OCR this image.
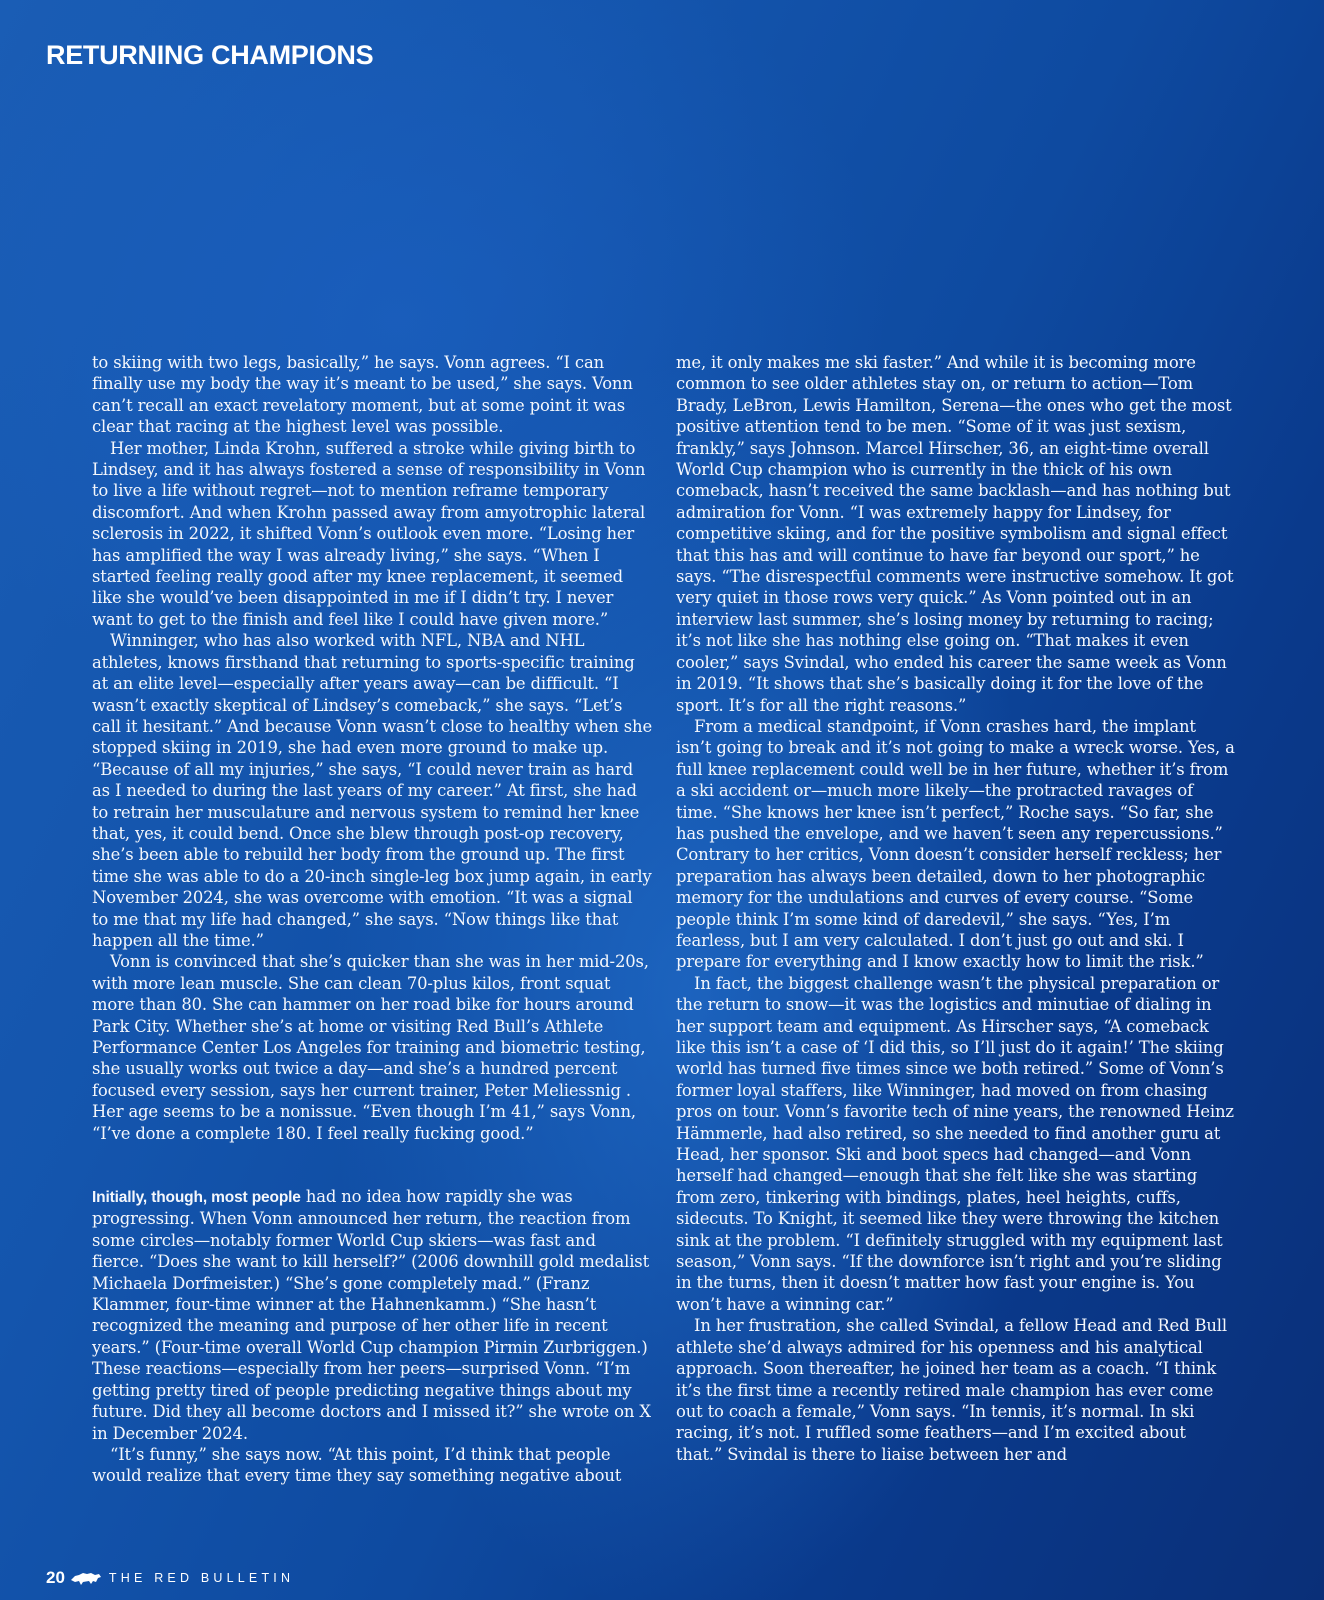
RETURNING CHAMPIONS

to skiing with two legs, basically,” he says. Vonn agrees. “I can finally use my body the way it’s meant to be used,” she says. Vonn can’t recall an exact revelatory moment, but at some point it was clear that racing at the highest level was possible.

Her mother, Linda Krohn, suffered a stroke while giving birth to Lindsey, and it has always fostered a sense of responsibility in Vonn to live a life without regret—not to mention reframe temporary discomfort. And when Krohn passed away from amyotrophic lateral sclerosis in 2022, it shifted Vonn’s outlook even more. “Losing her has amplified the way I was already living,” she says. “When I started feeling really good after my knee replacement, it seemed like she would’ve been disappointed in me if I didn’t try. I never want to get to the finish and feel like I could have given more.”

Winninger, who has also worked with NFL, NBA and NHL athletes, knows firsthand that returning to sports-specific training at an elite level—especially after years away—can be difficult. “I wasn’t exactly skeptical of Lindsey’s comeback,” she says. “Let’s call it hesitant.” And because Vonn wasn’t close to healthy when she stopped skiing in 2019, she had even more ground to make up. “Because of all my injuries,” she says, “I could never train as hard as I needed to during the last years of my career.” At first, she had to retrain her musculature and nervous system to remind her knee that, yes, it could bend. Once she blew through post-op recovery, she’s been able to rebuild her body from the ground up. The first time she was able to do a 20-inch single-leg box jump again, in early November 2024, she was overcome with emotion. “It was a signal to me that my life had changed,” she says. “Now things like that happen all the time.”

Vonn is convinced that she’s quicker than she was in her mid-20s, with more lean muscle. She can clean 70-plus kilos, front squat more than 80. She can hammer on her road bike for hours around Park City. Whether she’s at home or visiting Red Bull’s Athlete Performance Center Los Angeles for training and biometric testing, she usually works out twice a day—and she’s a hundred percent focused every session, says her current trainer, Peter Meliessnig . Her age seems to be a nonissue. “Even though I’m 41,” says Vonn, “I’ve done a complete 180. I feel really fucking good.”

Initially, though, most people had no idea how rapidly she was progressing. When Vonn announced her return, the reaction from some circles—notably former World Cup skiers—was fast and fierce. “Does she want to kill herself?” (2006 downhill gold medalist Michaela Dorfmeister.) “She’s gone completely mad.” (Franz Klammer, four-time winner at the Hahnenkamm.) “She hasn’t recognized the meaning and purpose of her other life in recent years.” (Four-time overall World Cup champion Pirmin Zurbriggen.) These reactions—especially from her peers—surprised Vonn. “I’m getting pretty tired of people predicting negative things about my future. Did they all become doctors and I missed it?” she wrote on X in December 2024.

“It’s funny,” she says now. “At this point, I’d think that people would realize that every time they say something negative about

me, it only makes me ski faster.” And while it is becoming more common to see older athletes stay on, or return to action—Tom Brady, LeBron, Lewis Hamilton, Serena—the ones who get the most positive attention tend to be men. “Some of it was just sexism, frankly,” says Johnson. Marcel Hirscher, 36, an eight-time overall World Cup champion who is currently in the thick of his own comeback, hasn’t received the same backlash—and has nothing but admiration for Vonn. “I was extremely happy for Lindsey, for competitive skiing, and for the positive symbolism and signal effect that this has and will continue to have far beyond our sport,” he says. “The disrespectful comments were instructive somehow. It got very quiet in those rows very quick.” As Vonn pointed out in an interview last summer, she’s losing money by returning to racing; it’s not like she has nothing else going on. “That makes it even cooler,” says Svindal, who ended his career the same week as Vonn in 2019. “It shows that she’s basically doing it for the love of the sport. It’s for all the right reasons.”

From a medical standpoint, if Vonn crashes hard, the implant isn’t going to break and it’s not going to make a wreck worse. Yes, a full knee replacement could well be in her future, whether it’s from a ski accident or—much more likely—the protracted ravages of time. “She knows her knee isn’t perfect,” Roche says. “So far, she has pushed the envelope, and we haven’t seen any repercussions.” Contrary to her critics, Vonn doesn’t consider herself reckless; her preparation has always been detailed, down to her photographic memory for the undulations and curves of every course. “Some people think I’m some kind of daredevil,” she says. “Yes, I’m fearless, but I am very calculated. I don’t just go out and ski. I prepare for everything and I know exactly how to limit the risk.”

In fact, the biggest challenge wasn’t the physical preparation or the return to snow—it was the logistics and minutiae of dialing in her support team and equipment. As Hirscher says, “A comeback like this isn’t a case of ‘I did this, so I’ll just do it again!’ The skiing world has turned five times since we both retired.” Some of Vonn’s former loyal staffers, like Winninger, had moved on from chasing pros on tour. Vonn’s favorite tech of nine years, the renowned Heinz Hämmerle, had also retired, so she needed to find another guru at Head, her sponsor. Ski and boot specs had changed—and Vonn herself had changed—enough that she felt like she was starting from zero, tinkering with bindings, plates, heel heights, cuffs, sidecuts. To Knight, it seemed like they were throwing the kitchen sink at the problem. “I definitely struggled with my equipment last season,” Vonn says. “If the downforce isn’t right and you’re sliding in the turns, then it doesn’t matter how fast your engine is. You won’t have a winning car.”

In her frustration, she called Svindal, a fellow Head and Red Bull athlete she’d always admired for his openness and his analytical approach. Soon thereafter, he joined her team as a coach. “I think it’s the first time a recently retired male champion has ever come out to coach a female,” Vonn says. “In tennis, it’s normal. In ski racing, it’s not. I ruffled some feathers—and I’m excited about that.” Svindal is there to liaise between her and

20	THE RED BULLETIN
